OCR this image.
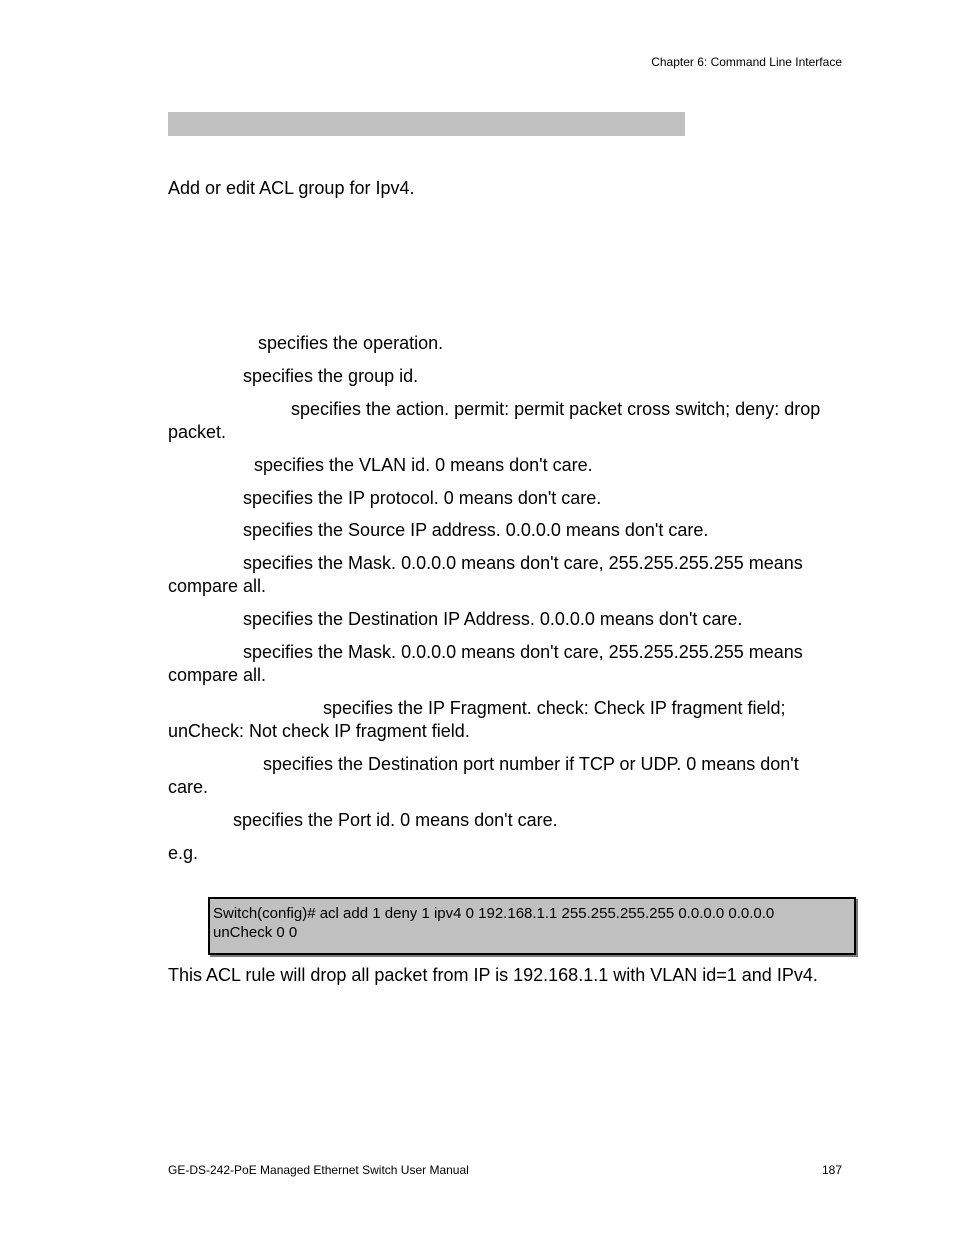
Chapter 6: Command Line Interface
Add or edit ACL group for Ipv4.
specifies the operation.
specifies the group id.
specifies the action. permit: permit packet cross switch; deny: drop packet.
specifies the VLAN id. 0 means don't care.
specifies the IP protocol. 0 means don't care.
specifies the Source IP address. 0.0.0.0 means don't care.
specifies the Mask. 0.0.0.0 means don't care, 255.255.255.255 means compare all.
specifies the Destination IP Address. 0.0.0.0 means don't care.
specifies the Mask. 0.0.0.0 means don't care, 255.255.255.255 means compare all.
specifies the IP Fragment. check: Check IP fragment field; unCheck: Not check IP fragment field.
specifies the Destination port number if TCP or UDP. 0 means don't care.
specifies the Port id. 0 means don't care.
e.g.
Switch(config)# acl add 1 deny 1 ipv4 0 192.168.1.1 255.255.255.255 0.0.0.0 0.0.0.0
unCheck 0 0
This ACL rule will drop all packet from IP is 192.168.1.1 with VLAN id=1 and IPv4.
GE-DS-242-PoE Managed Ethernet Switch User Manual	187
